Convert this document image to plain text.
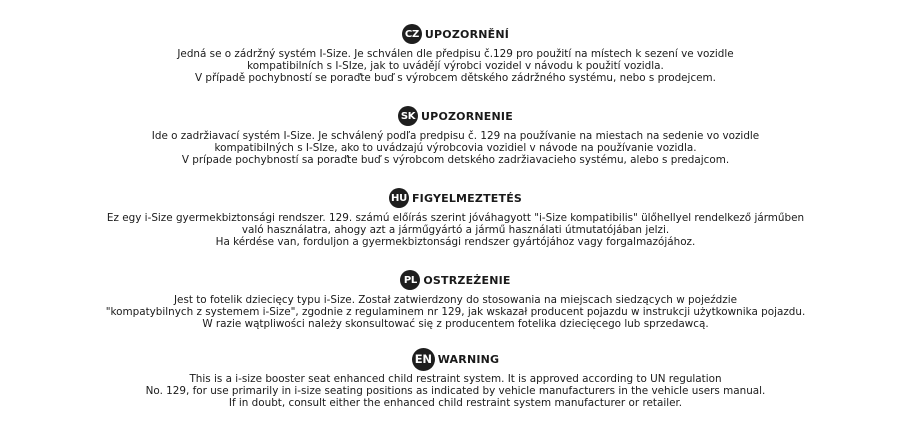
CZ UPOZORNĚNÍ
Jedná se o zádržný systém I-Size. Je schválen dle předpisu č.129 pro použití na místech k sezení ve vozidle
kompatibilních s I-SIze, jak to uvádějí výrobci vozidel v návodu k použití vozidla.
V případě pochybností se poraďte buď s výrobcem dětského zádržného systému, nebo s prodejcem.
SK UPOZORNENIE
Ide o zadržiavací systém I-Size. Je schválený podľa predpisu č. 129 na používanie na miestach na sedenie vo vozidle
kompatibilných s I-SIze, ako to uvádzajú výrobcovia vozidiel v návode na používanie vozidla.
V prípade pochybností sa poraďte buď s výrobcom detského zadržiavacieho systému, alebo s predajcom.
HU FIGYELMEZTETÉS
Ez egy i-Size gyermekbiztonsági rendszer. 129. számú előírás szerint jóváhagyott "i-Size kompatibilis" ülőhellyel rendelkező járműben
való használatra, ahogy azt a járműgyártó a jármű használati útmutatójában jelzi.
Ha kérdése van, forduljon a gyermekbiztonsági rendszer gyártójához vagy forgalmazójához.
PL OSTRZEŻENIE
Jest to fotelik dziecięcy typu i-Size. Został zatwierdzony do stosowania na miejscach siedzących w pojeździe
"kompatybilnych z systemem i-Size", zgodnie z regulaminem nr 129, jak wskazał producent pojazdu w instrukcji użytkownika pojazdu.
W razie wątpliwości należy skonsultować się z producentem fotelika dziecięcego lub sprzedawcą.
EN WARNING
This is a i-size booster seat enhanced child restraint system. It is approved according to UN regulation
No. 129, for use primarily in i-size seating positions as indicated by vehicle manufacturers in the vehicle users manual.
If in doubt, consult either the enhanced child restraint system manufacturer or retailer.
